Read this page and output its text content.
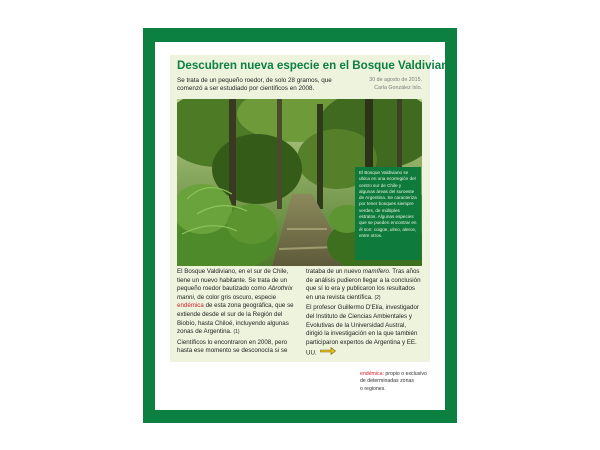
Descubren nueva especie en el Bosque Valdiviano

Se trata de un pequeño roedor, de solo 28 gramos, que comenzó a ser estudiado por científicos en 2008.

30 de agosto de 2015.
Carla González Islo.
El Bosque Valdiviano se ubica en una ecorregión del centro sur de Chile y algunas áreas del suroeste de Argentina. Se caracteriza por tener bosques siempre verdes, de múltiples estratos. Algunas especies que se pueden encontrar en él son: coigüe, ulmo, alerce, entre otros.

El Bosque Valdiviano, en el sur de Chile, tiene un nuevo habitante. Se trata de un pequeño roedor bautizado como Abrothrix manni, de color gris oscuro, especie endémica de esta zona geográfica, que se extiende desde el sur de la Región del Biobío, hasta Chiloé, incluyendo algunas zonas de Argentina. (1)

Científicos lo encontraron en 2008, pero hasta ese momento se desconocía si se

trataba de un nuevo mamífero. Tras años de análisis pudieron llegar a la conclusión que sí lo era y publicaron los resultados en una revista científica. (2)

El profesor Guillermo D'Elía, investigador del Instituto de Ciencias Ambientales y Evolutivas de la Universidad Austral, dirigió la investigación en la que también participaron expertos de Argentina y EE. UU.

endémica: propio o exclusivo
de determinadas zonas
o regiones.
